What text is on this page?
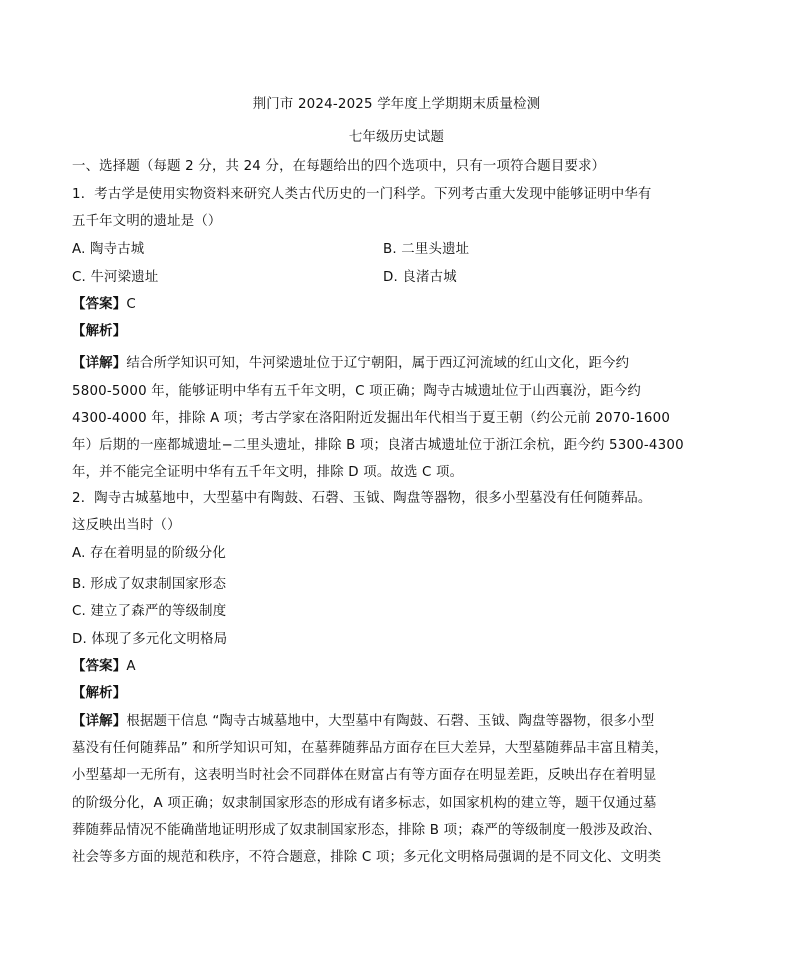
荆门市 2024-2025 学年度上学期期末质量检测

七年级历史试题

一、选择题（每题 2 分，共 24 分，在每题给出的四个选项中，只有一项符合题目要求）

1．考古学是使用实物资料来研究人类古代历史的一门科学。下列考古重大发现中能够证明中华有

五千年文明的遗址是（）

A. 陶寺古城	B. 二里头遗址

C. 牛河梁遗址	D. 良渚古城

【答案】C

【解析】

【详解】结合所学知识可知，牛河梁遗址位于辽宁朝阳，属于西辽河流域的红山文化，距今约

5800-5000 年，能够证明中华有五千年文明，C 项正确；陶寺古城遗址位于山西襄汾，距今约

4300-4000 年，排除 A 项；考古学家在洛阳附近发掘出年代相当于夏王朝（约公元前 2070-1600

年）后期的一座都城遗址−二里头遗址，排除 B 项；良渚古城遗址位于浙江余杭，距今约 5300-4300

年，并不能完全证明中华有五千年文明，排除 D 项。故选 C 项。

2．陶寺古城墓地中，大型墓中有陶鼓、石磬、玉钺、陶盘等器物，很多小型墓没有任何随葬品。

这反映出当时（）

A. 存在着明显的阶级分化

B. 形成了奴隶制国家形态

C. 建立了森严的等级制度

D. 体现了多元化文明格局

【答案】A

【解析】

【详解】根据题干信息 “陶寺古城墓地中，大型墓中有陶鼓、石磬、玉钺、陶盘等器物，很多小型

墓没有任何随葬品” 和所学知识可知，在墓葬随葬品方面存在巨大差异，大型墓随葬品丰富且精美，

小型墓却一无所有，这表明当时社会不同群体在财富占有等方面存在明显差距，反映出存在着明显

的阶级分化，A 项正确；奴隶制国家形态的形成有诸多标志，如国家机构的建立等，题干仅通过墓

葬随葬品情况不能确凿地证明形成了奴隶制国家形态，排除 B 项；森严的等级制度一般涉及政治、

社会等多方面的规范和秩序，不符合题意，排除 C 项；多元化文明格局强调的是不同文化、文明类
